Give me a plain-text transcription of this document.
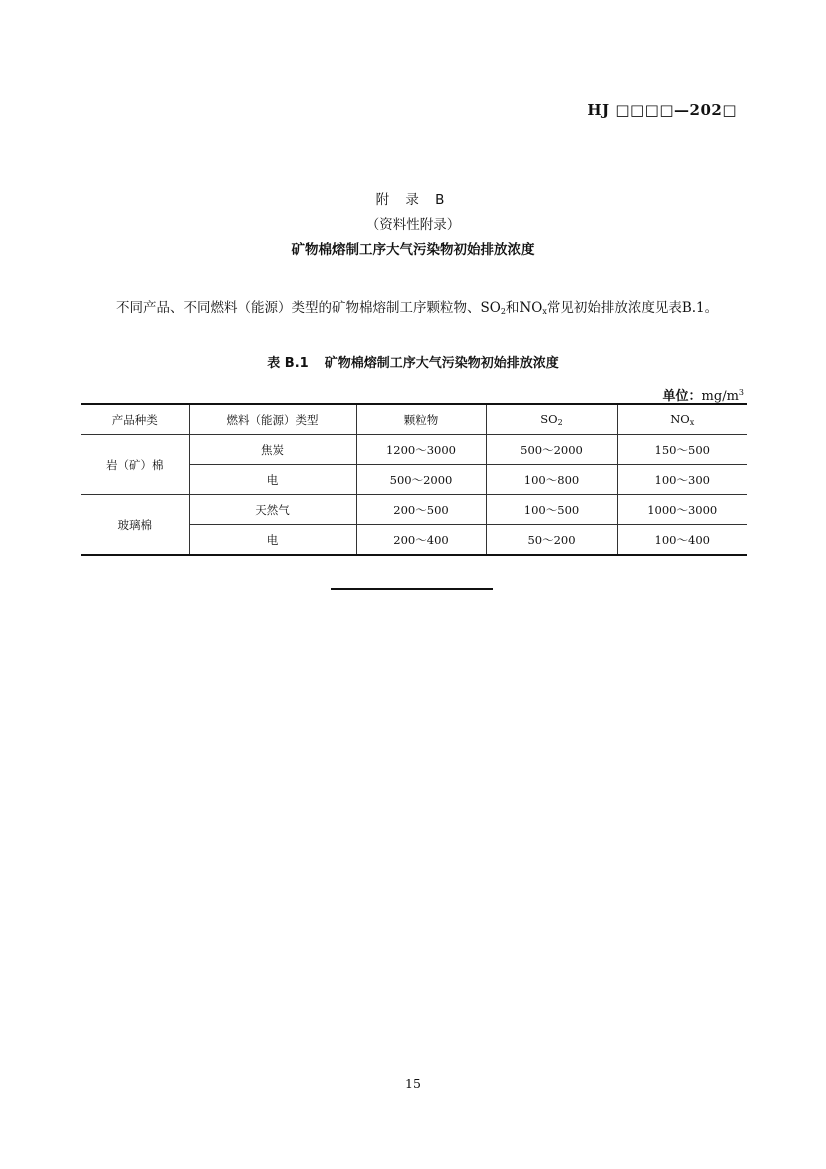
HJ □□□□—202□
附 录 B
（资料性附录）
矿物棉熔制工序大气污染物初始排放浓度
不同产品、不同燃料（能源）类型的矿物棉熔制工序颗粒物、$SO_2$和$NO_x$常见初始排放浓度见表B.1。
表 B.1 矿物棉熔制工序大气污染物初始排放浓度
单位：$mg/m^3$
产品种类	燃料（能源）类型	颗粒物	$SO_2$	$NO_x$
岩（矿）棉	焦炭	1200～3000	500～2000	150～500
	电	500～2000	100～800	100～300
玻璃棉	天然气	200～500	100～500	1000～3000
	电	200～400	50～200	100～400
15
